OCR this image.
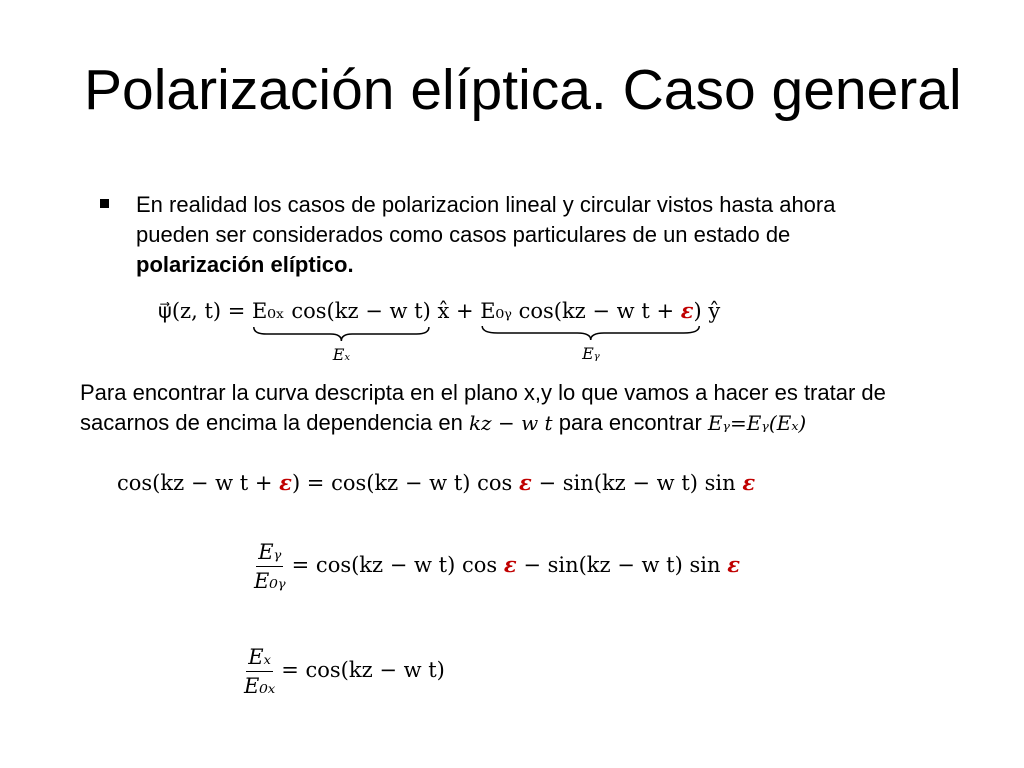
Polarización elíptica. Caso general
En realidad los casos de polarizacion lineal y circular vistos hasta ahora pueden ser considerados como casos particulares de un estado de polarización elíptico.
ψ⃗(z, t) = E₀ₓ cos(kz − w t)
Eₓ
x̂ + E₀ᵧ cos(kz − w t + ε)
Eᵧ
ŷ
Para encontrar la curva descripta en el plano x,y lo que vamos a hacer es tratar de sacarnos de encima la dependencia en kz − w t para encontrar Eᵧ=Eᵧ(Eₓ)
cos(kz − w t + ε) = cos(kz − w t) cos ε − sin(kz − w t) sin ε
$\frac{\text{Eᵧ}}{\text{E₀ᵧ}} = \cos(kz - w$ t) cos ε − sin(kz − w t) sin ε
$\frac{\text{Eₓ}}{\text{E₀ₓ}} = \cos(kz - w$ t)
